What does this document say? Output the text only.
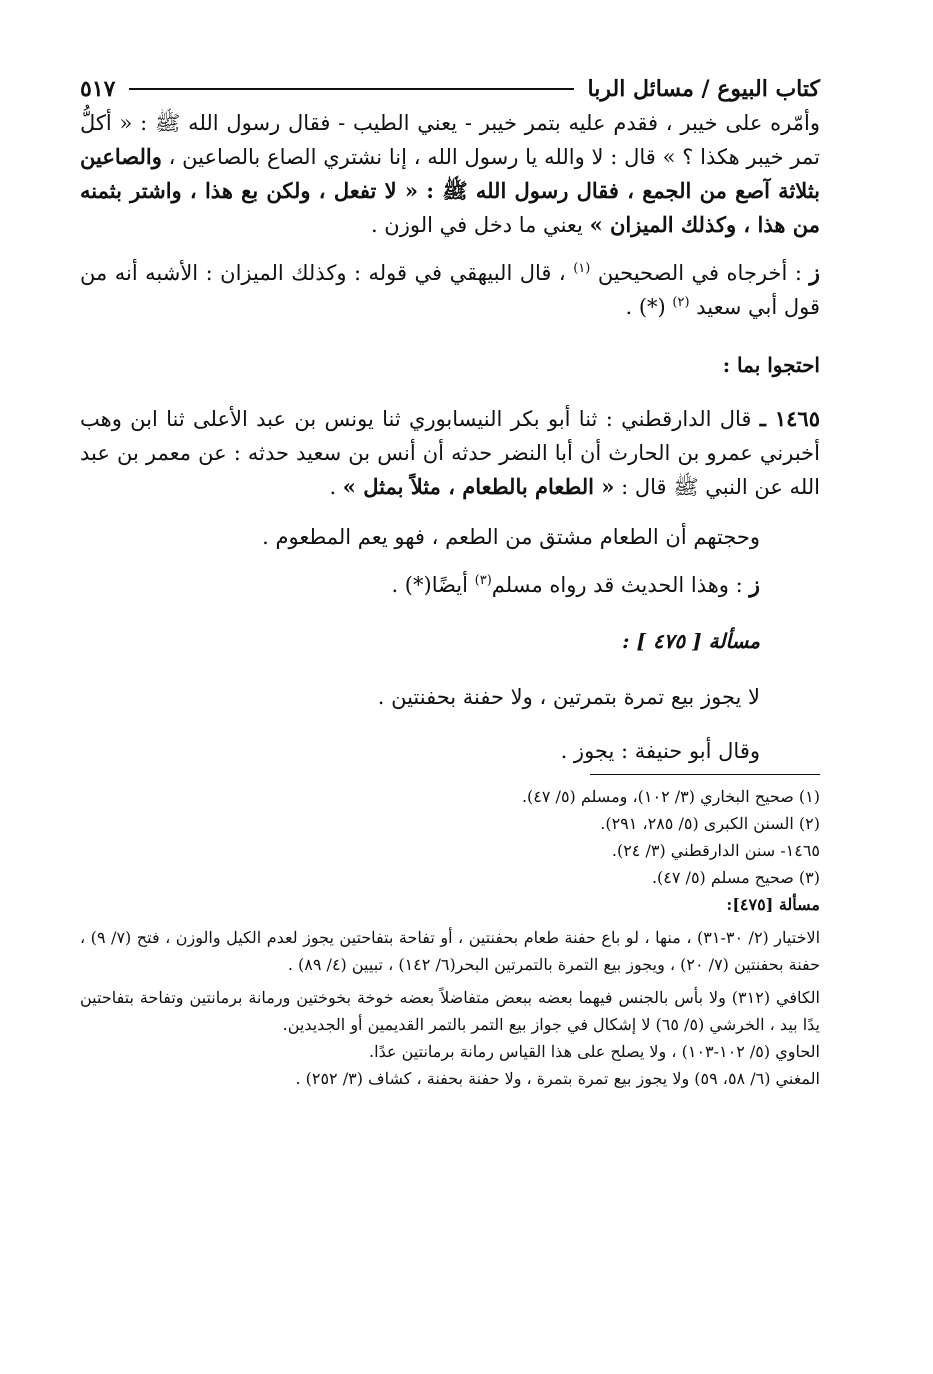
كتاب البيوع / مسائل الربا
٥١٧

وأمّره على خيبر ، فقدم عليه بتمر خيبر - يعني الطيب - فقال رسول الله ﷺ : « أكلُّ تمر خيبر هكذا ؟ » قال : لا والله يا رسول الله ، إنا نشتري الصاع بالصاعين ، والصاعين بثلاثة آصع من الجمع ، فقال رسول الله ﷺ : « لا تفعل ، ولكن بع هذا ، واشتر بثمنه من هذا ، وكذلك الميزان » يعني ما دخل في الوزن .

ز : أخرجاه في الصحيحين $^{(١)}$ ، قال البيهقي في قوله : وكذلك الميزان : الأشبه أنه من قول أبي سعيد $^{(٢)}$ (*) .

احتجوا بما :

١٤٦٥ ـ قال الدارقطني : ثنا أبو بكر النيسابوري ثنا يونس بن عبد الأعلى ثنا ابن وهب أخبرني عمرو بن الحارث أن أبا النضر حدثه أن أنس بن سعيد حدثه : عن معمر بن عبد الله عن النبي ﷺ قال : « الطعام بالطعام ، مثلاً بمثل » .

وحجتهم أن الطعام مشتق من الطعم ، فهو يعم المطعوم .

ز : وهذا الحديث قد رواه مسلم$^{(٣)}$ أيضًا(*) .

مسألة [ ٤٧٥ ] :

لا يجوز بيع تمرة بتمرتين ، ولا حفنة بحفنتين .

وقال أبو حنيفة : يجوز .

(١) صحيح البخاري (٣/ ١٠٢)، ومسلم (٥/ ٤٧).

(٢) السنن الكبرى (٥/ ٢٨٥، ٢٩١).

١٤٦٥- سنن الدارقطني (٣/ ٢٤).

(٣) صحيح مسلم (٥/ ٤٧).

مسألة [٤٧٥]:

الاختيار (٢/ ٣٠-٣١) ، منها ، لو باع حفنة طعام بحفنتين ، أو تفاحة بتفاحتين يجوز لعدم الكيل والوزن ، فتح (٧/ ٩) ، حفنة بحفنتين (٧/ ٢٠) ، ويجوز بيع التمرة بالتمرتين البحر(٦/ ١٤٢) ، تبيين (٤/ ٨٩) .

الكافي (٣١٢) ولا بأس بالجنس فيهما بعضه ببعض متفاضلاً بعضه خوخة بخوختين ورمانة برمانتين وتفاحة بتفاحتين يدًا بيد ، الخرشي (٥/ ٦٥) لا إشكال في جواز بيع التمر بالتمر القديمين أو الجديدين.

الحاوي (٥/ ١٠٢-١٠٣) ، ولا يصلح على هذا القياس رمانة برمانتين عدًا.

المغني (٦/ ٥٨، ٥٩) ولا يجوز بيع تمرة بتمرة ، ولا حفنة بحفنة ، كشاف (٣/ ٢٥٢) .
